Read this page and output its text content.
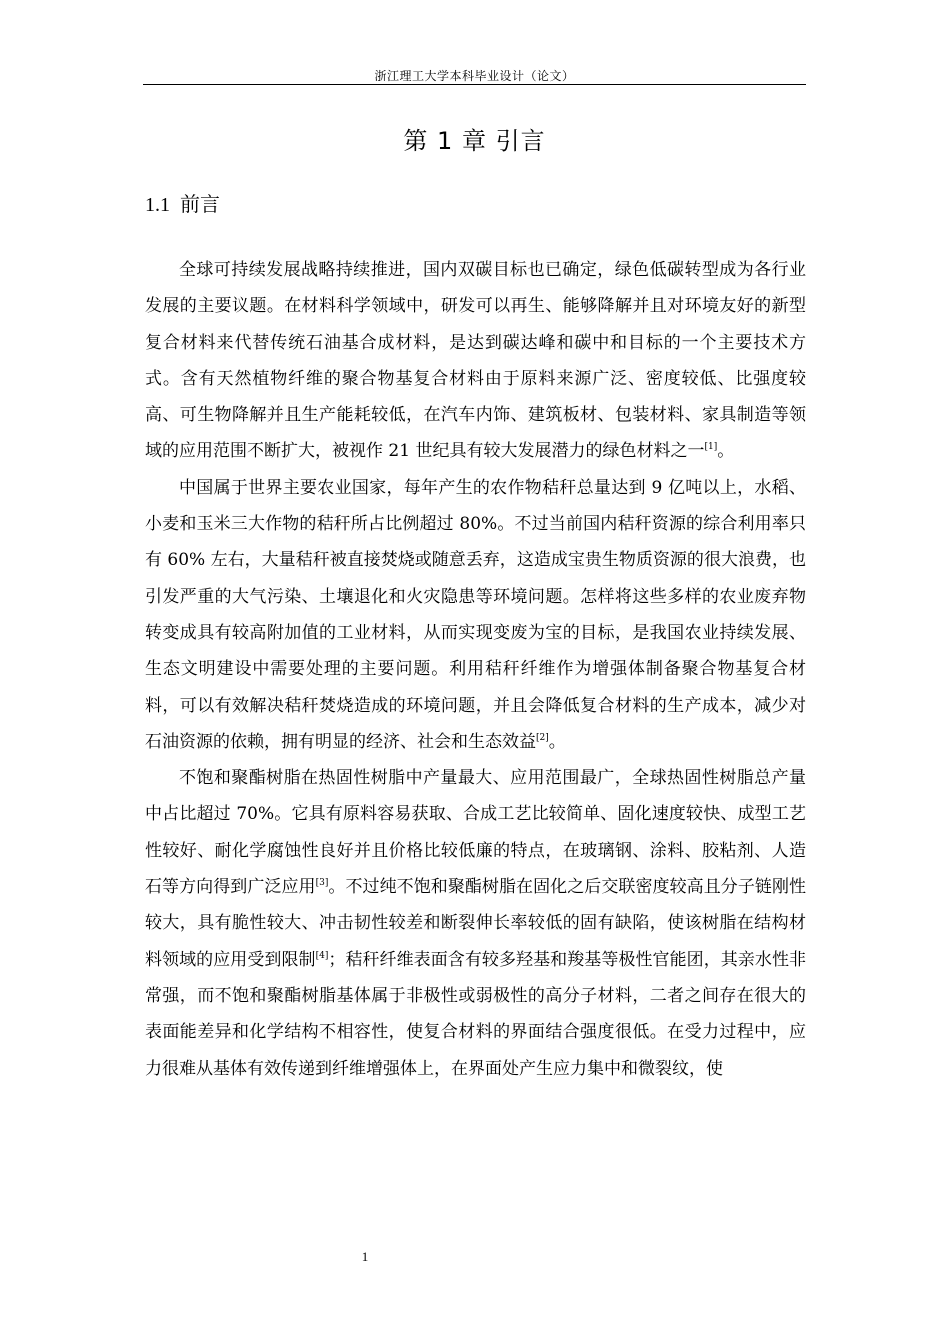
浙江理工大学本科毕业设计（论文）
第 1 章 引言
1.1 前言

全球可持续发展战略持续推进，国内双碳目标也已确定，绿色低碳转型成为各行业发展的主要议题。在材料科学领域中，研发可以再生、能够降解并且对环境友好的新型复合材料来代替传统石油基合成材料，是达到碳达峰和碳中和目标的一个主要技术方式。含有天然植物纤维的聚合物基复合材料由于原料来源广泛、密度较低、比强度较高、可生物降解并且生产能耗较低，在汽车内饰、建筑板材、包装材料、家具制造等领域的应用范围不断扩大，被视作 21 世纪具有较大发展潜力的绿色材料之一[1]。

中国属于世界主要农业国家，每年产生的农作物秸秆总量达到 9 亿吨以上，水稻、小麦和玉米三大作物的秸秆所占比例超过 80%。不过当前国内秸秆资源的综合利用率只有 60% 左右，大量秸秆被直接焚烧或随意丢弃，这造成宝贵生物质资源的很大浪费，也引发严重的大气污染、土壤退化和火灾隐患等环境问题。怎样将这些多样的农业废弃物转变成具有较高附加值的工业材料，从而实现变废为宝的目标，是我国农业持续发展、生态文明建设中需要处理的主要问题。利用秸秆纤维作为增强体制备聚合物基复合材料，可以有效解决秸秆焚烧造成的环境问题，并且会降低复合材料的生产成本，减少对石油资源的依赖，拥有明显的经济、社会和生态效益[2]。

不饱和聚酯树脂在热固性树脂中产量最大、应用范围最广，全球热固性树脂总产量中占比超过 70%。它具有原料容易获取、合成工艺比较简单、固化速度较快、成型工艺性较好、耐化学腐蚀性良好并且价格比较低廉的特点，在玻璃钢、涂料、胶粘剂、人造石等方向得到广泛应用[3]。不过纯不饱和聚酯树脂在固化之后交联密度较高且分子链刚性较大，具有脆性较大、冲击韧性较差和断裂伸长率较低的固有缺陷，使该树脂在结构材料领域的应用受到限制[4]；秸秆纤维表面含有较多羟基和羧基等极性官能团，其亲水性非常强，而不饱和聚酯树脂基体属于非极性或弱极性的高分子材料，二者之间存在很大的表面能差异和化学结构不相容性，使复合材料的界面结合强度很低。在受力过程中，应力很难从基体有效传递到纤维增强体上，在界面处产生应力集中和微裂纹，使

1
